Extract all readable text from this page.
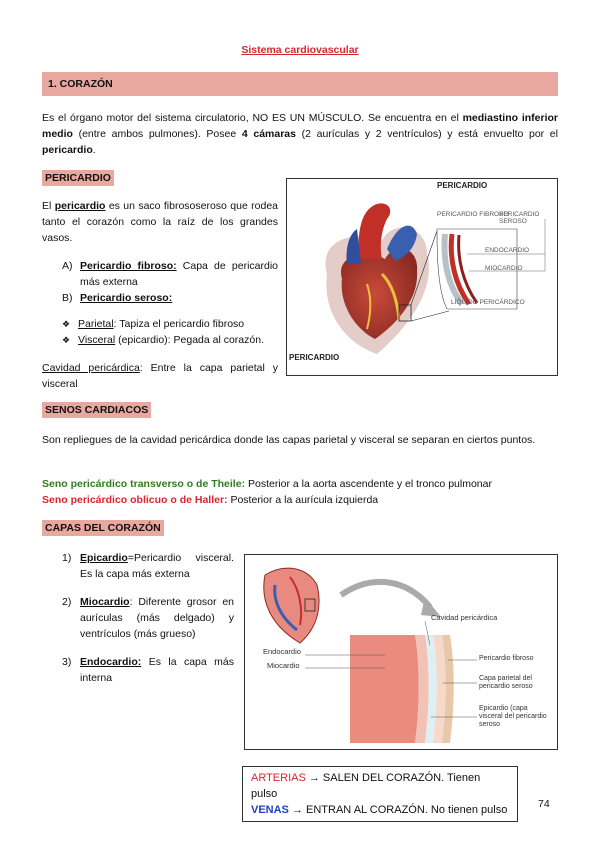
Sistema cardiovascular
1. CORAZÓN

Es el órgano motor del sistema circulatorio, NO ES UN MÚSCULO. Se encuentra en el mediastino inferior medio (entre ambos pulmones). Posee 4 cámaras (2 aurículas y 2 ventrículos) y está envuelto por el pericardio.

PERICARDIO

El pericardio es un saco fibrososeroso que rodea tanto el corazón como la raíz de los grandes vasos.

A) Pericardio fibroso: Capa de pericardio más externa
B) Pericardio seroso:
❖ Parietal: Tapiza el pericardio fibroso
❖ Visceral (epicardio): Pegada al corazón.

Cavidad pericárdica: Entre la capa parietal y visceral

PERICARDIO
PERICARDIO FIBROSO
PERICARDIO SEROSO
ENDOCARDIO
MIOCARDIO
LÍQUIDO PERICÁRDICO
PERICARDIO
SENOS CARDIACOS

Son repliegues de la cavidad pericárdica donde las capas parietal y visceral se separan en ciertos puntos.

Seno pericárdico transverso o de Theile: Posterior a la aorta ascendente y el tronco pulmonar

Seno pericárdico oblicuo o de Haller: Posterior a la aurícula izquierda

CAPAS DEL CORAZÓN
1) Epicardio=Pericardio visceral. Es la capa más externa
2) Miocardio: Diferente grosor en aurículas (más delgado) y ventrículos (más grueso)
3) Endocardio: Es la capa más interna
Cavidad pericárdica
Endocardio
Miocardio
Pericardio fibroso
Capa parietal del pericardio seroso
Epicardio (capa visceral del pericardio seroso
ARTERIAS → SALEN DEL CORAZÓN. Tienen pulso
VENAS → ENTRAN AL CORAZÓN. No tienen pulso	74
